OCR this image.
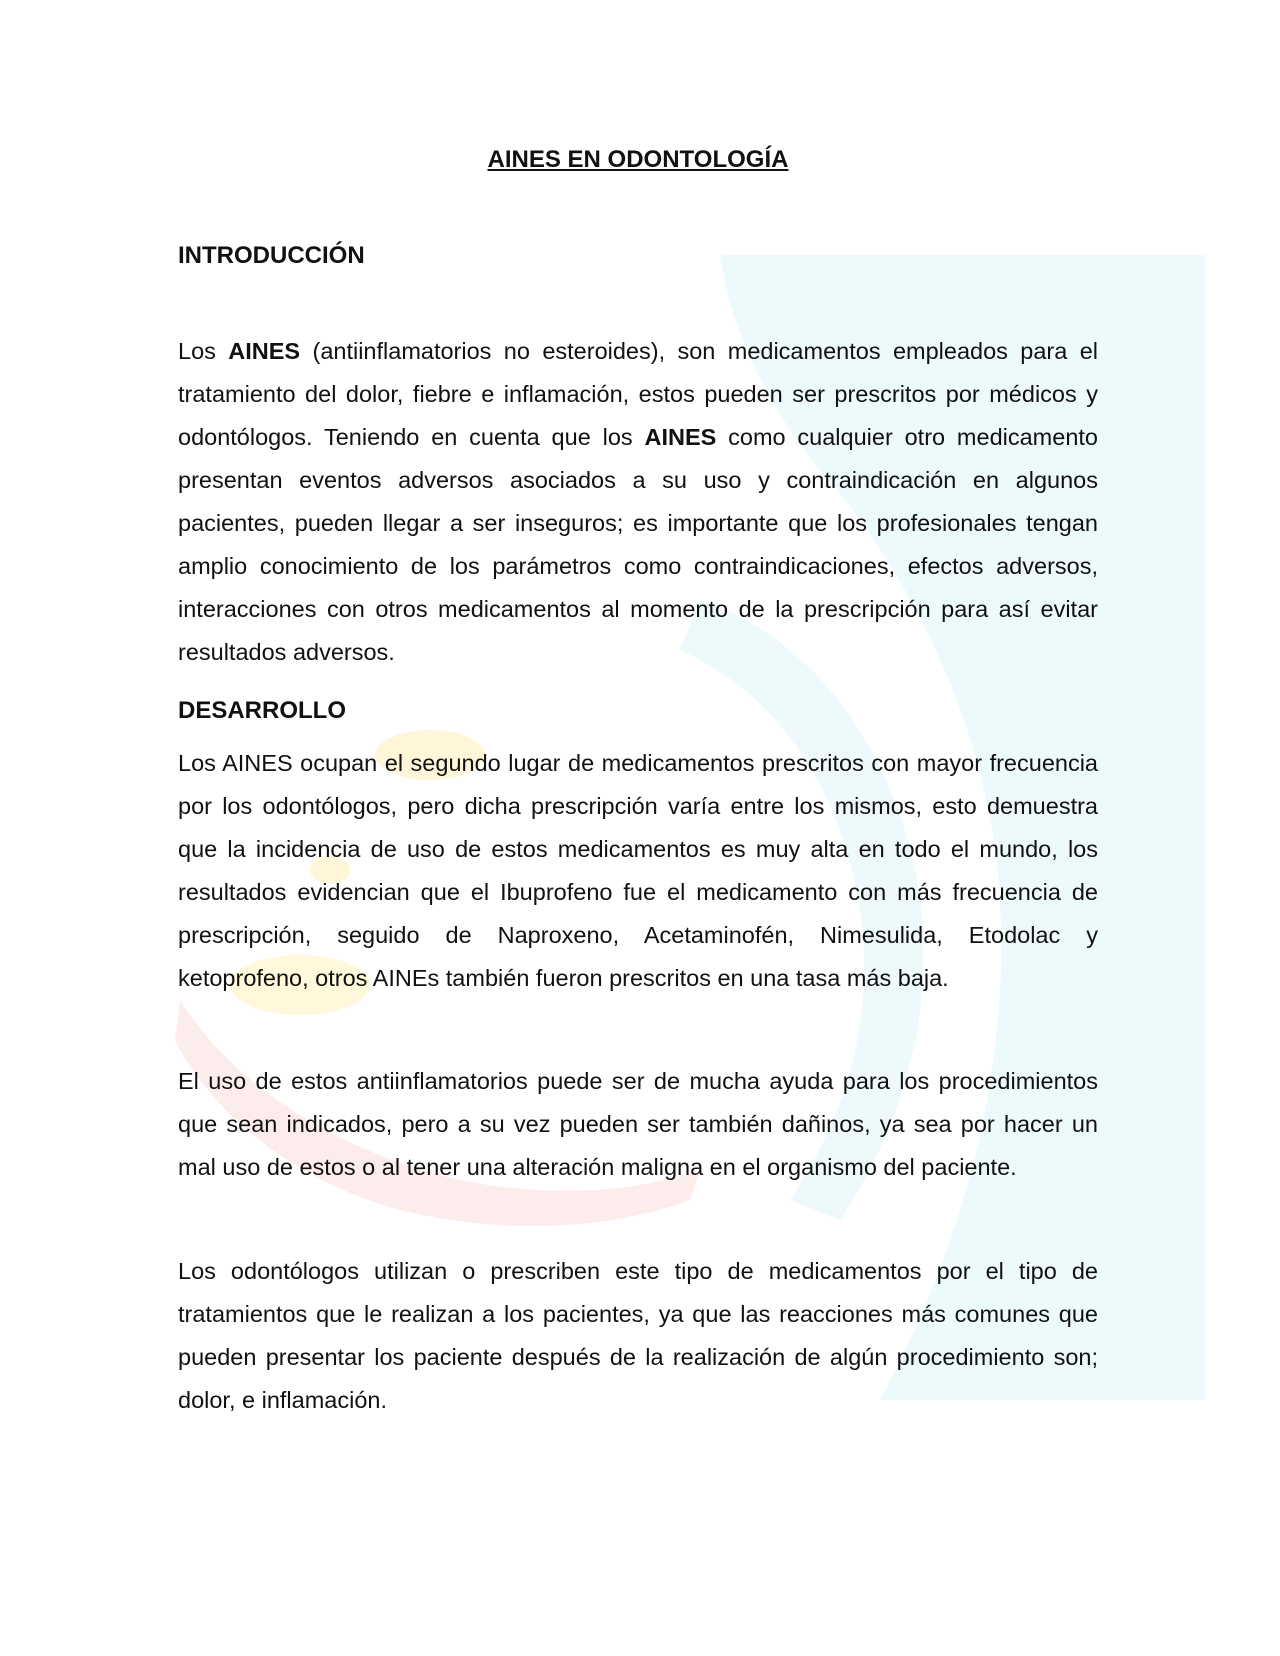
AINES EN ODONTOLOGÍA
INTRODUCCIÓN

Los AINES (antiinflamatorios no esteroides), son medicamentos empleados para el tratamiento del dolor, fiebre e inflamación, estos pueden ser prescritos por médicos y odontólogos. Teniendo en cuenta que los AINES como cualquier otro medicamento presentan eventos adversos asociados a su uso y contraindicación en algunos pacientes, pueden llegar a ser inseguros; es importante que los profesionales tengan amplio conocimiento de los parámetros como contraindicaciones, efectos adversos, interacciones con otros medicamentos al momento de la prescripción para así evitar resultados adversos.

DESARROLLO

Los AINES ocupan el segundo lugar de medicamentos prescritos con mayor frecuencia por los odontólogos, pero dicha prescripción varía entre los mismos, esto demuestra que la incidencia de uso de estos medicamentos es muy alta en todo el mundo, los resultados evidencian que el Ibuprofeno fue el medicamento con más frecuencia de prescripción, seguido de Naproxeno, Acetaminofén, Nimesulida, Etodolac y ketoprofeno, otros AINEs también fueron prescritos en una tasa más baja.

El uso de estos antiinflamatorios puede ser de mucha ayuda para los procedimientos que sean indicados, pero a su vez pueden ser también dañinos, ya sea por hacer un mal uso de estos o al tener una alteración maligna en el organismo del paciente.

Los odontólogos utilizan o prescriben este tipo de medicamentos por el tipo de tratamientos que le realizan a los pacientes, ya que las reacciones más comunes que pueden presentar los paciente después de la realización de algún procedimiento son; dolor, e inflamación.
